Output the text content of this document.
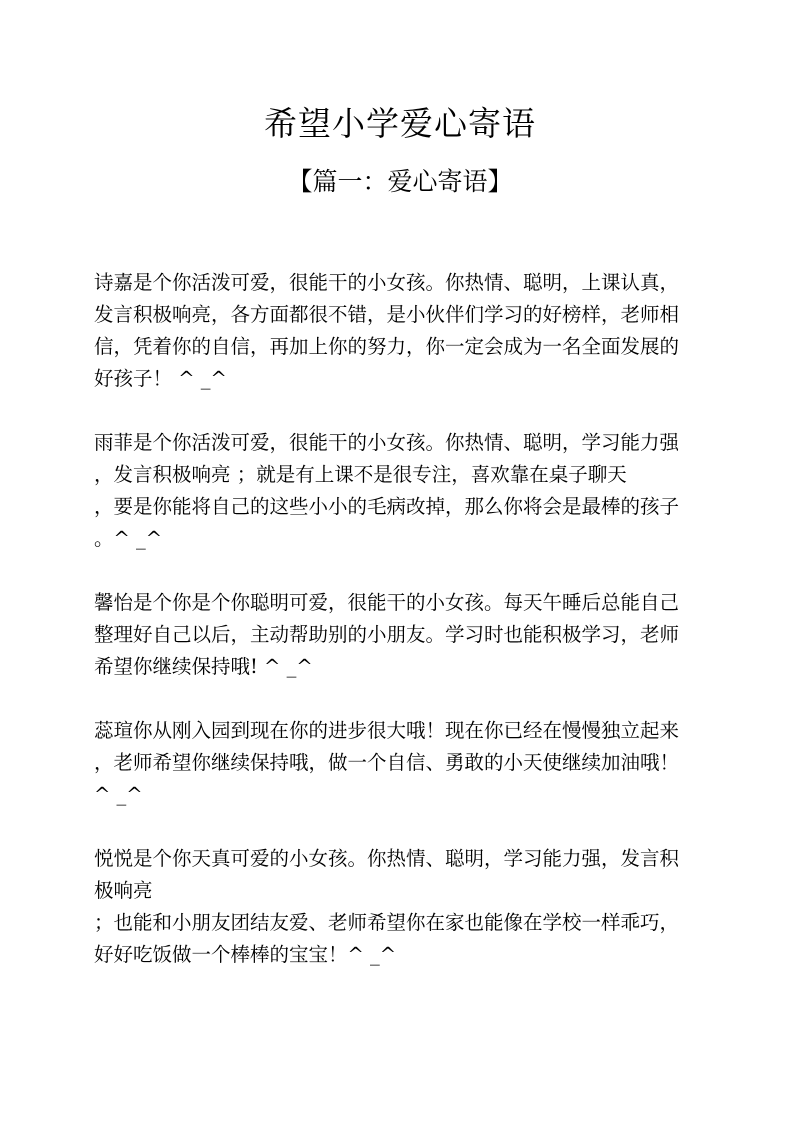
希望小学爱心寄语
【篇一：爱心寄语】
诗嘉是个你活泼可爱，很能干的小女孩。你热情、聪明，上课认真，
发言积极响亮，各方面都很不错，是小伙伴们学习的好榜样，老师相
信，凭着你的自信，再加上你的努力，你一定会成为一名全面发展的
好孩子！ ^ _^
雨菲是个你活泼可爱，很能干的小女孩。你热情、聪明，学习能力强
，发言积极响亮 ；就是有上课不是很专注，喜欢靠在桌子聊天
，要是你能将自己的这些小小的毛病改掉，那么你将会是最棒的孩子
。^ _^
馨怡是个你是个你聪明可爱，很能干的小女孩。每天午睡后总能自己
整理好自己以后，主动帮助别的小朋友。学习时也能积极学习，老师
希望你继续保持哦! ^ _^
蕊瑄你从刚入园到现在你的进步很大哦！现在你已经在慢慢独立起来
，老师希望你继续保持哦，做一个自信、勇敢的小天使继续加油哦！
^ _^
悦悦是个你天真可爱的小女孩。你热情、聪明，学习能力强，发言积
极响亮
；也能和小朋友团结友爱、老师希望你在家也能像在学校一样乖巧，
好好吃饭做一个棒棒的宝宝！^ _^
